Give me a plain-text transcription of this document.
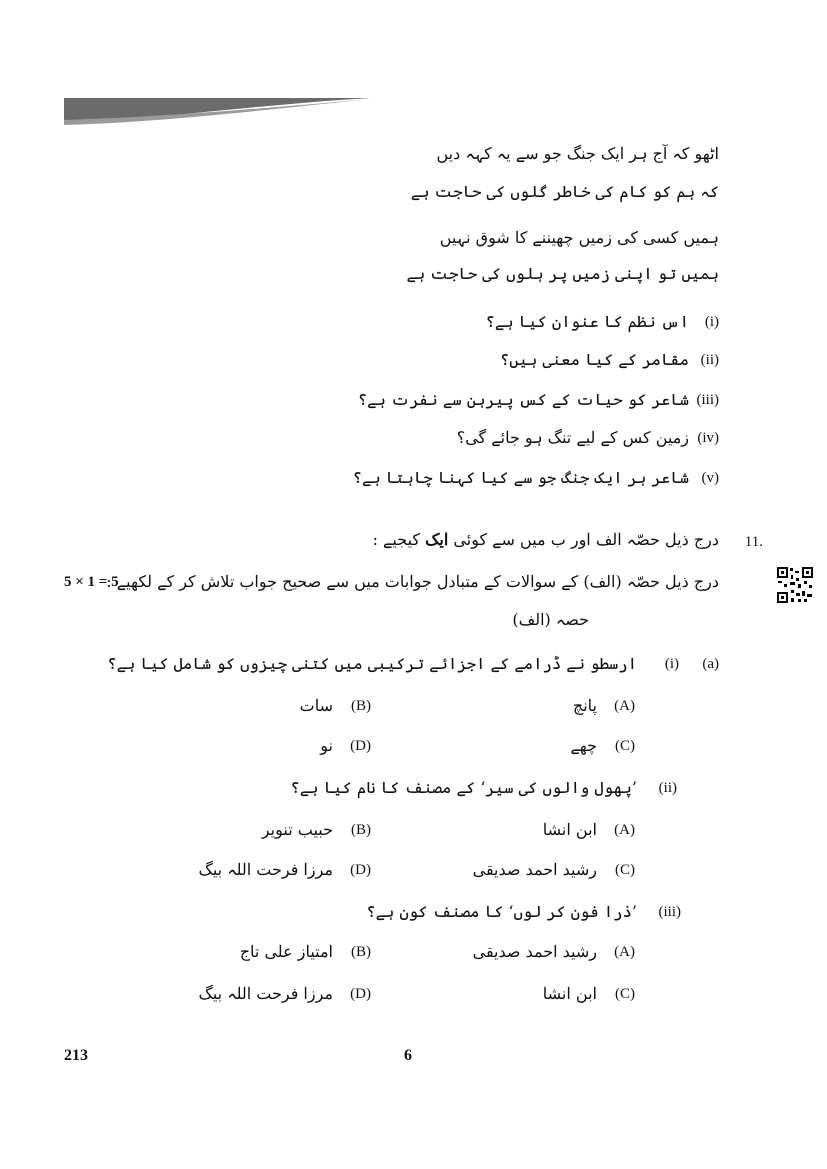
اٹھو کہ آج ہر ایک جنگ جو سے یہ کہہ دیں
کہ ہم کو کام کی خاطر گلوں کی حاجت ہے
ہمیں کسی کی زمیں چھیننے کا شوق نہیں
ہمیں تو اپنی زمیں پر ہلوں کی حاجت ہے
(i)
اس نظم کا عنوان کیا ہے؟
(ii)
مقامر کے کیا معنی ہیں؟
(iii)
شاعر کو حیات کے کس پیرہن سے نفرت ہے؟
(iv)
زمین کس کے لیے تنگ ہو جائے گی؟
(v)
شاعر ہر ایک جنگ جو سے کیا کہنا چاہتا ہے؟
11.
درج ذیل حصّہ الف اور ب میں سے کوئی ایک کیجیے :
5 × 1 = 5
درج ذیل حصّہ (الف) کے سوالات کے متبادل جوابات میں سے صحیح جواب تلاش کر کے لکھیے :
حصہ (الف)
(a)
(i)
ارسطو نے ڈرامے کے اجزائے ترکیبی میں کتنی چیزوں کو شامل کیا ہے؟
(A)
پانچ
(B)
سات
(C)
چھے
(D)
نو
(ii)
’پھول والوں کی سیر‘ کے مصنف کا نام کیا ہے؟
(A)
ابن انشا
(B)
حبیب تنویر
(C)
رشید احمد صدیقی
(D)
مرزا فرحت اللہ بیگ
(iii)
’ذرا فون کر لوں‘ کا مصنف کون ہے؟
(A)
رشید احمد صدیقی
(B)
امتیاز علی تاج
(C)
ابن انشا
(D)
مرزا فرحت اللہ بیگ
213	6
